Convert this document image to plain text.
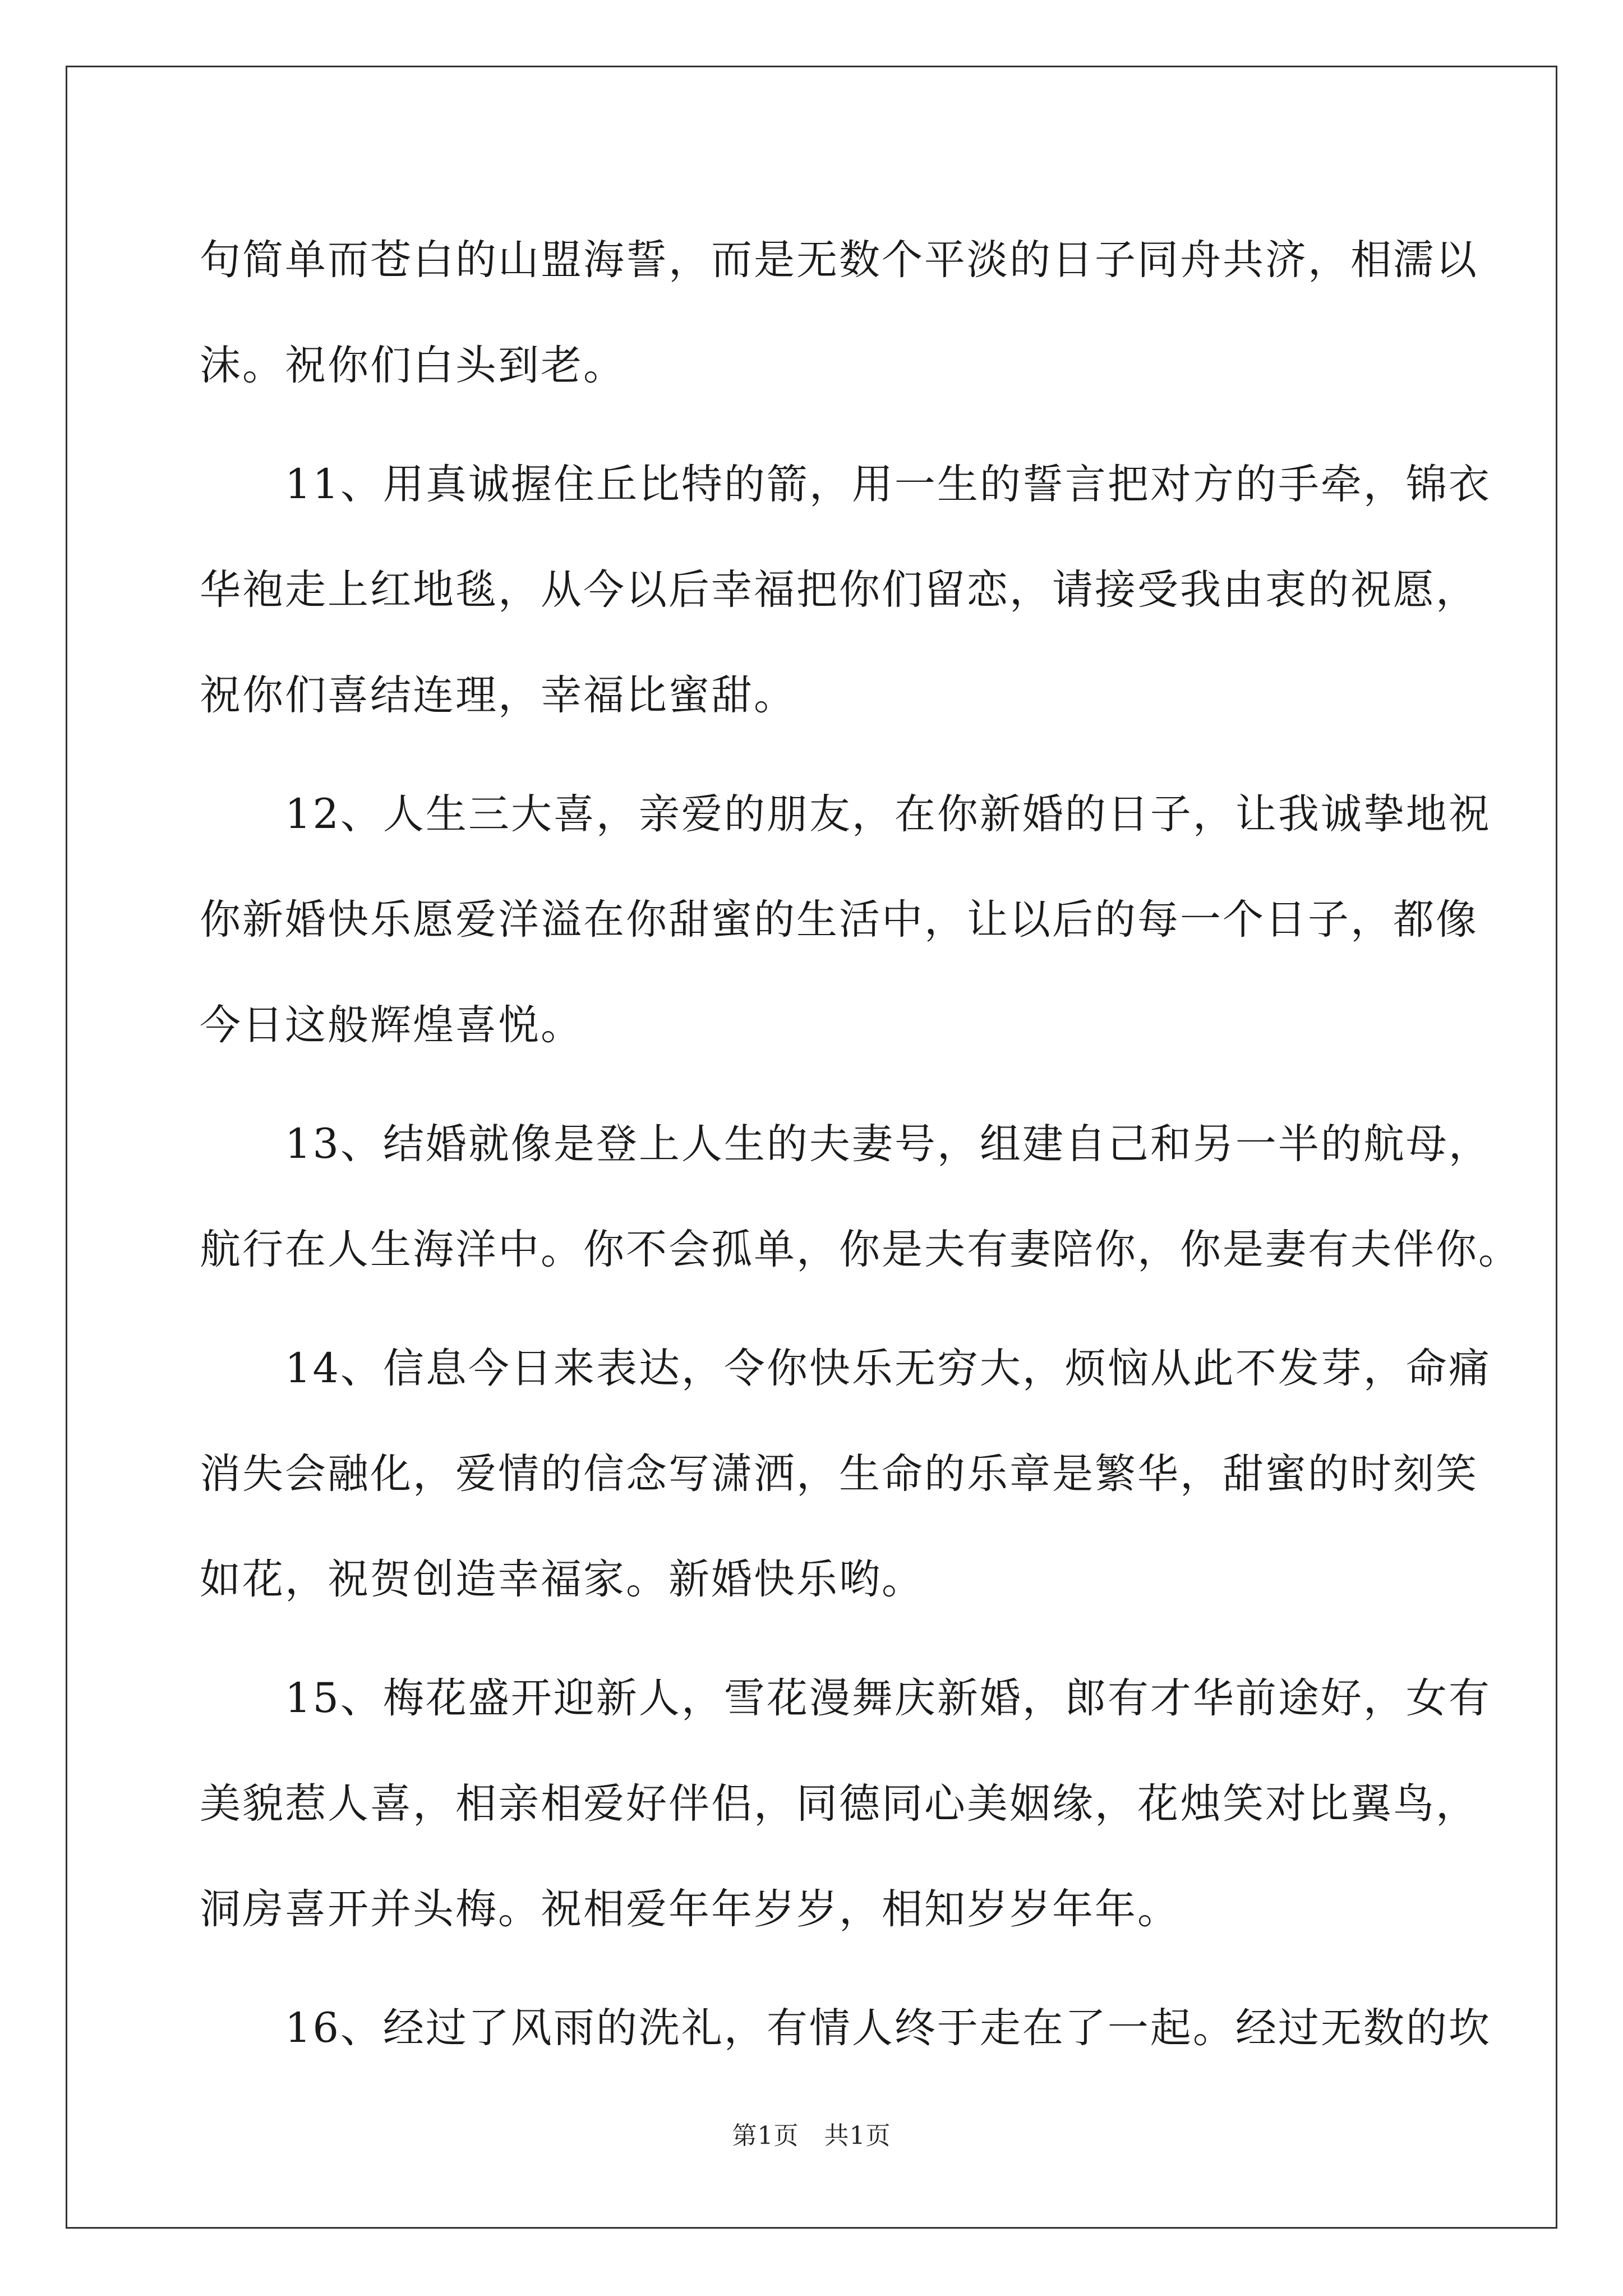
句简单而苍白的山盟海誓，而是无数个平淡的日子同舟共济，相濡以
沫。祝你们白头到老。
　　11、用真诚握住丘比特的箭，用一生的誓言把对方的手牵，锦衣
华袍走上红地毯，从今以后幸福把你们留恋，请接受我由衷的祝愿，
祝你们喜结连理，幸福比蜜甜。
　　12、人生三大喜，亲爱的朋友，在你新婚的日子，让我诚挚地祝
你新婚快乐愿爱洋溢在你甜蜜的生活中，让以后的每一个日子，都像
今日这般辉煌喜悦。
　　13、结婚就像是登上人生的夫妻号，组建自己和另一半的航母，
航行在人生海洋中。你不会孤单，你是夫有妻陪你，你是妻有夫伴你。
　　14、信息今日来表达，令你快乐无穷大，烦恼从此不发芽，命痛
消失会融化，爱情的信念写潇洒，生命的乐章是繁华，甜蜜的时刻笑
如花，祝贺创造幸福家。新婚快乐哟。
　　15、梅花盛开迎新人，雪花漫舞庆新婚，郎有才华前途好，女有
美貌惹人喜，相亲相爱好伴侣，同德同心美姻缘，花烛笑对比翼鸟，
洞房喜开并头梅。祝相爱年年岁岁，相知岁岁年年。
　　16、经过了风雨的洗礼，有情人终于走在了一起。经过无数的坎
第1页　共1页
